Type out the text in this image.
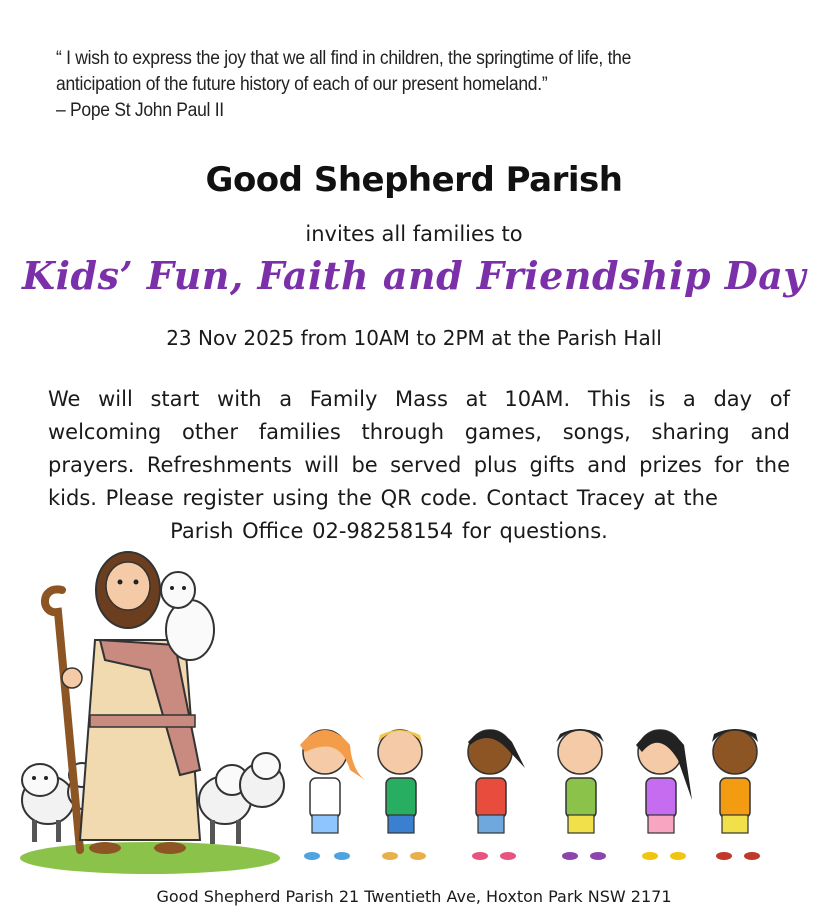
“ I wish to express the joy that we all find in children, the springtime of life, the

anticipation of the future history of each of our present homeland.”

– Pope St John Paul II

Good Shepherd Parish
invites all families to
Kids’ Fun, Faith and Friendship Day
23 Nov 2025 from 10AM to 2PM at the Parish Hall
We will start with a Family Mass at 10AM. This is a day of welcoming other families through games, songs, sharing and prayers. Refreshments will be served plus gifts and prizes for the kids. Please register using the QR code. Contact Tracey at the
Parish Office 02-98258154 for questions.
Good Shepherd Parish 21 Twentieth Ave, Hoxton Park NSW 2171
